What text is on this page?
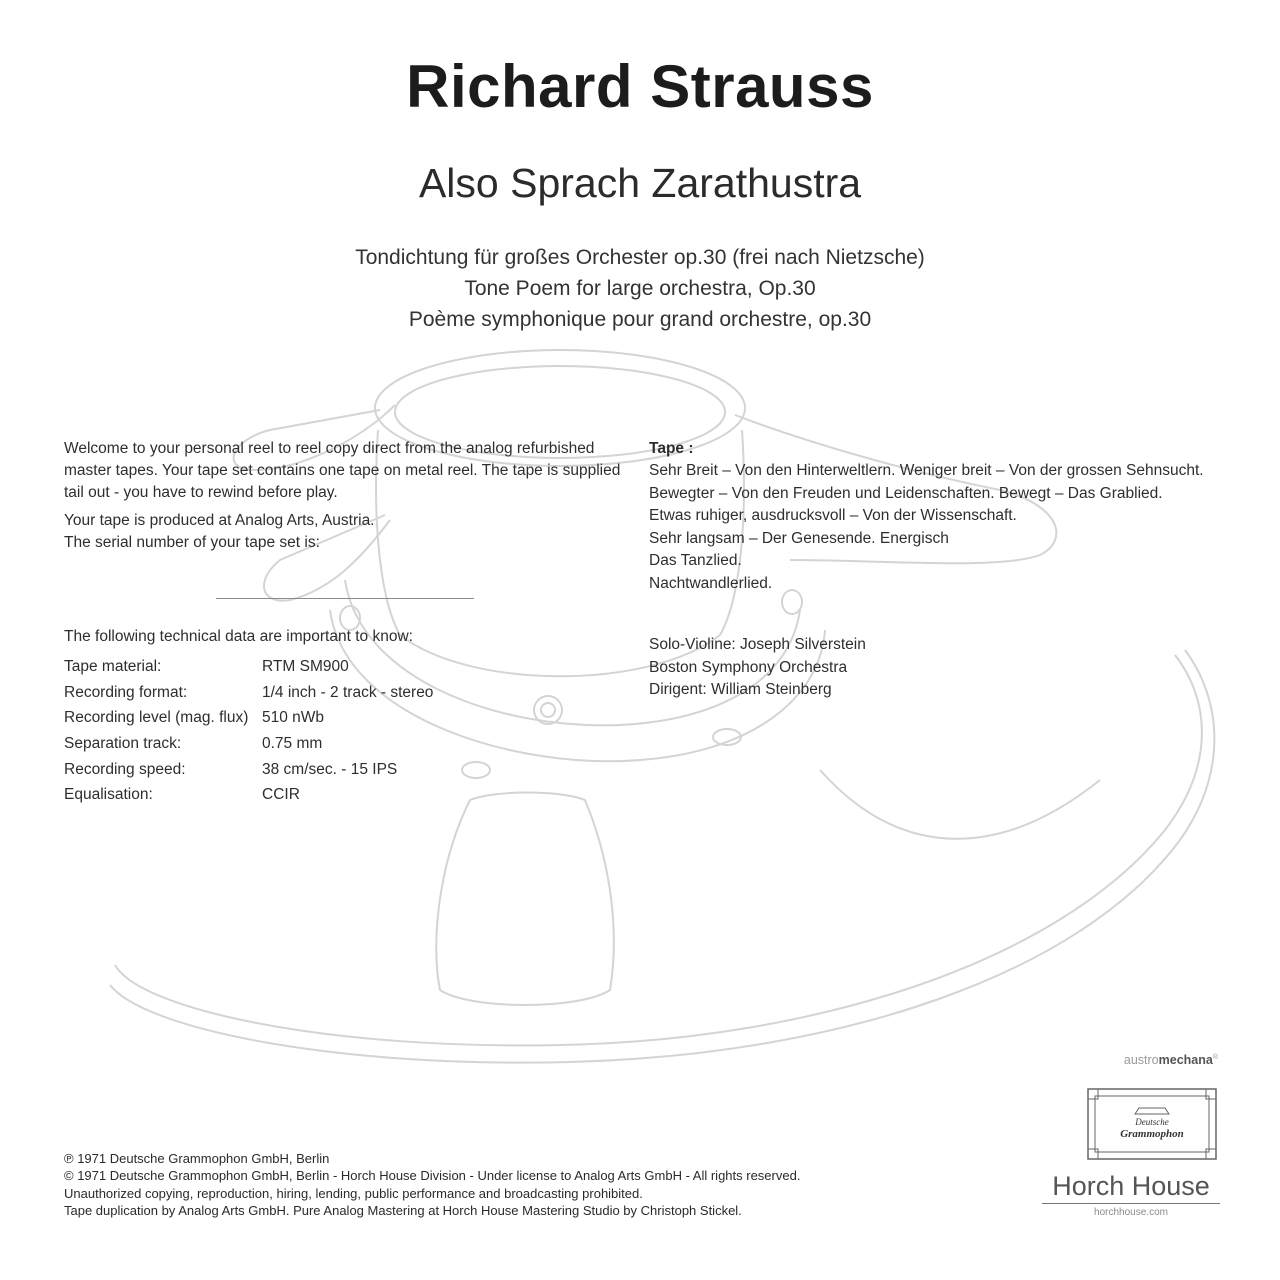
Richard Strauss
Also Sprach Zarathustra
Tondichtung für großes Orchester op.30 (frei nach Nietzsche)
Tone Poem for large orchestra, Op.30
Poème symphonique pour grand orchestre, op.30

Welcome to your personal reel to reel copy direct from the analog refurbished master tapes. Your tape set contains one tape on metal reel. The tape is supplied tail out - you have to rewind before play.

Your tape is produced at Analog Arts, Austria.
The serial number of your tape set is:
The following technical data are important to know:
Tape material:	RTM SM900
Recording format:	1/4 inch - 2 track - stereo
Recording level (mag. flux)	510 nWb
Separation track:	0.75 mm
Recording speed:	38 cm/sec. - 15 IPS
Equalisation:	CCIR
Tape :
Sehr Breit – Von den Hinterweltlern. Weniger breit – Von der grossen Sehnsucht.
Bewegter – Von den Freuden und Leidenschaften. Bewegt – Das Grablied.
Etwas ruhiger, ausdrucksvoll – Von der Wissenschaft.
Sehr langsam – Der Genesende. Energisch
Das Tanzlied.
Nachtwandlerlied.
Solo-Violine: Joseph Silverstein
Boston Symphony Orchestra
Dirigent: William Steinberg
℗ 1971 Deutsche Grammophon GmbH, Berlin
© 1971 Deutsche Grammophon GmbH, Berlin - Horch House Division - Under license to Analog Arts GmbH - All rights reserved.
Unauthorized copying, reproduction, hiring, lending, public performance and broadcasting prohibited.
Tape duplication by Analog Arts GmbH. Pure Analog Mastering at Horch House Mastering Studio by Christoph Stickel.
austromechana®
Deutsche
Grammophon
Horch House
horchhouse.com
